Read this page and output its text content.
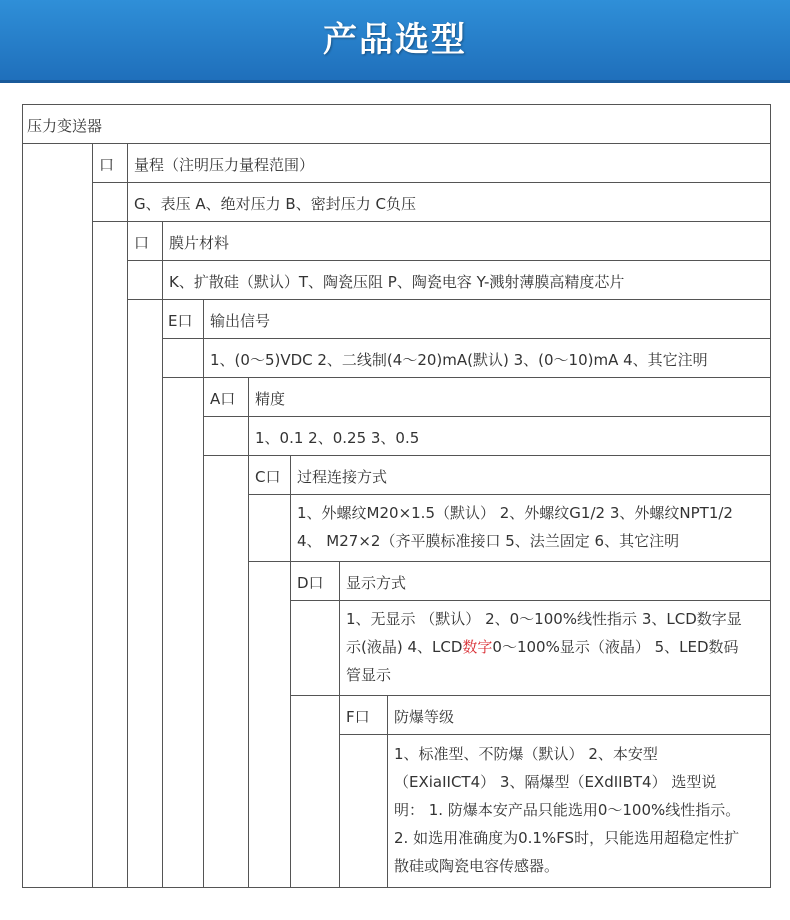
产品选型
压力变送器
口 量程（注明压力量程范围）
G、表压 A、绝对压力 B、密封压力 C负压
口 膜片材料
K、扩散硅（默认）T、陶瓷压阻 P、陶瓷电容 Y-溅射薄膜高精度芯片
E口 输出信号
1、(0～5)VDC 2、二线制(4～20)mA(默认) 3、(0～10)mA 4、其它注明
A口 精度
1、0.1 2、0.25 3、0.5
C口 过程连接方式
1、外螺纹M20×1.5（默认） 2、外螺纹G1/2 3、外螺纹NPT1/2
4、 M27×2（齐平膜标准接口 5、法兰固定 6、其它注明
D口 显示方式
1、无显示 （默认） 2、0～100%线性指示 3、LCD数字显
示(液晶) 4、LCD数字0～100%显示（液晶） 5、LED数码
管显示
F口 防爆等级
1、标准型、不防爆（默认） 2、本安型
（EXiaIICT4） 3、隔爆型（EXdIIBT4） 选型说
明： 1. 防爆本安产品只能选用0～100%线性指示。
2. 如选用准确度为0.1%FS时，只能选用超稳定性扩
散硅或陶瓷电容传感器。
